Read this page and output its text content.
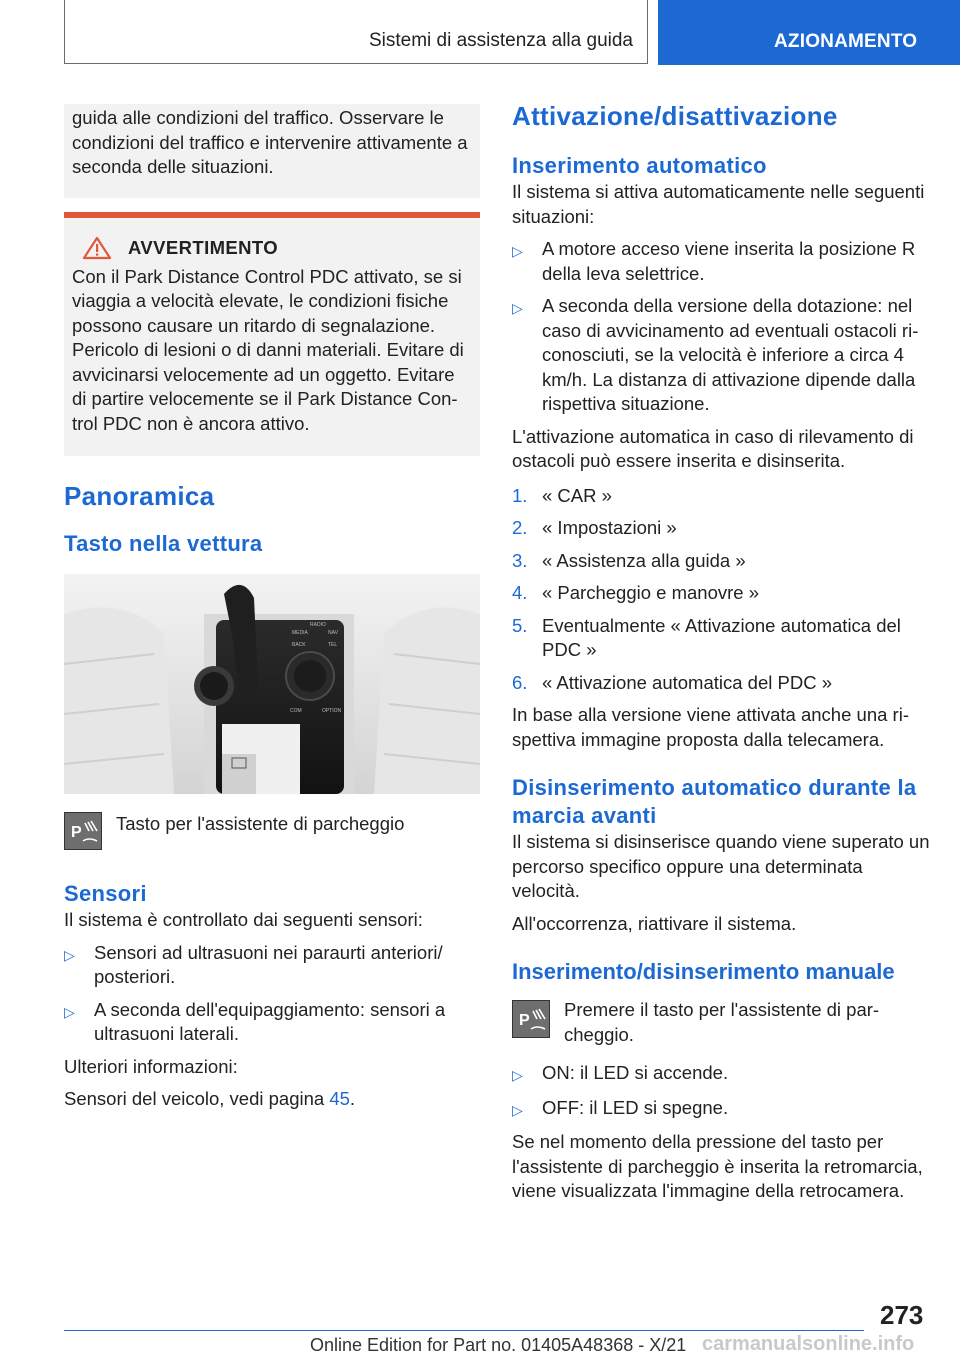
Sistemi di assistenza alla guida	AZIONAMENTO

guida alle condizioni del traffico. Osservare le condizioni del traffico e intervenire attivamente a seconda delle situazioni.

AVVERTIMENTO

Con il Park Distance Control PDC attivato, se si viaggia a velocità elevate, le condizioni fisiche possono causare un ritardo di segnalazione. Pericolo di lesioni o di danni materiali. Evitare di avvicinarsi velocemente ad un oggetto. Evitare di partire velocemente se il Park Distance Control PDC non è ancora attivo.

Panoramica
Tasto nella vettura
MEDIA
RADIO
NAV
BACK	TEL
COM	OPTION
P Tasto per l'assistente di parcheggio

Sensori

Il sistema è controllato dai seguenti sensori:

▷	Sensori ad ultrasuoni nei paraurti anteriori/ posteriori.
▷	A seconda dell'equipaggiamento: sensori a ultrasuoni laterali.

Ulteriori informazioni:

Sensori del veicolo, vedi pagina 45.

Attivazione/disattivazione
Inserimento automatico

Il sistema si attiva automaticamente nelle seguenti situazioni:

▷	A motore acceso viene inserita la posizione R della leva selettrice.
▷	A seconda della versione della dotazione: nel caso di avvicinamento ad eventuali ostacoli riconosciuti, se la velocità è inferiore a circa 4 km/h. La distanza di attivazione dipende dalla rispettiva situazione.

L'attivazione automatica in caso di rilevamento di ostacoli può essere inserita e disinserita.

1. « CAR »
2. « Impostazioni »
3. « Assistenza alla guida »
4. « Parcheggio e manovre »
5. Eventualmente « Attivazione automatica del PDC »
6. « Attivazione automatica del PDC »

In base alla versione viene attivata anche una rispettiva immagine proposta dalla telecamera.

Disinserimento automatico durante la marcia avanti

Il sistema si disinserisce quando viene superato un percorso specifico oppure una determinata velocità.

All'occorrenza, riattivare il sistema.

Inserimento/disinserimento manuale
P

Premere il tasto per l'assistente di parcheggio.

▷	ON: il LED si accende.
▷	OFF: il LED si spegne.

Se nel momento della pressione del tasto per l'assistente di parcheggio è inserita la retromarcia, viene visualizzata l'immagine della retrocamera.

273
Online Edition for Part no. 01405A48368 - X/21 carmanualsonline.info
